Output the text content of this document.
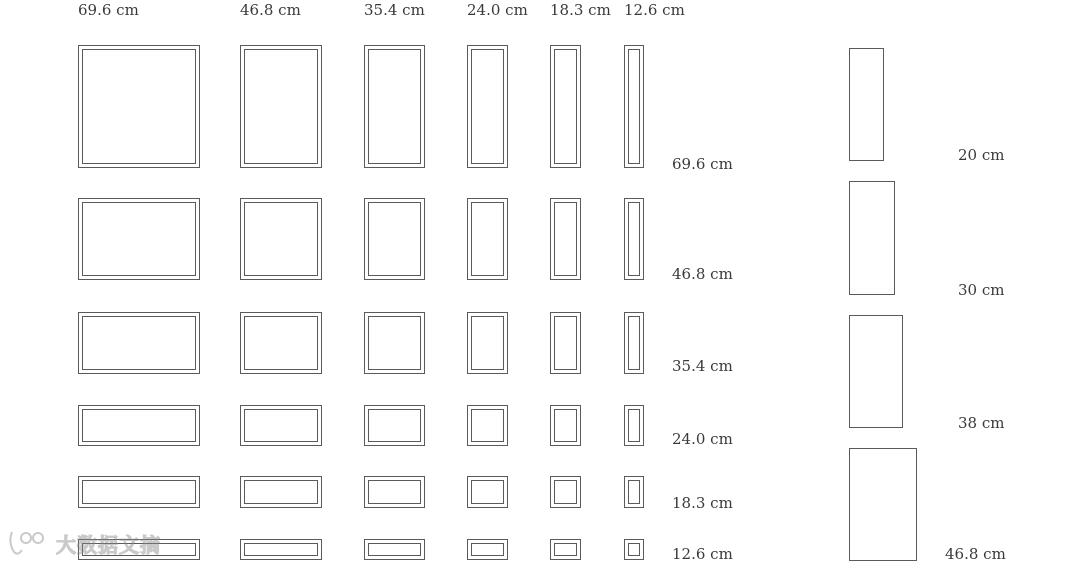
69.6 cm	46.8 cm	35.4 cm	24.0 cm 18.3 cm 12.6 cm
69.6 cm
46.8 cm
35.4 cm
24.0 cm
18.3 cm
12.6 cm
20 cm
30 cm
38 cm
46.8 cm
大数据文摘
